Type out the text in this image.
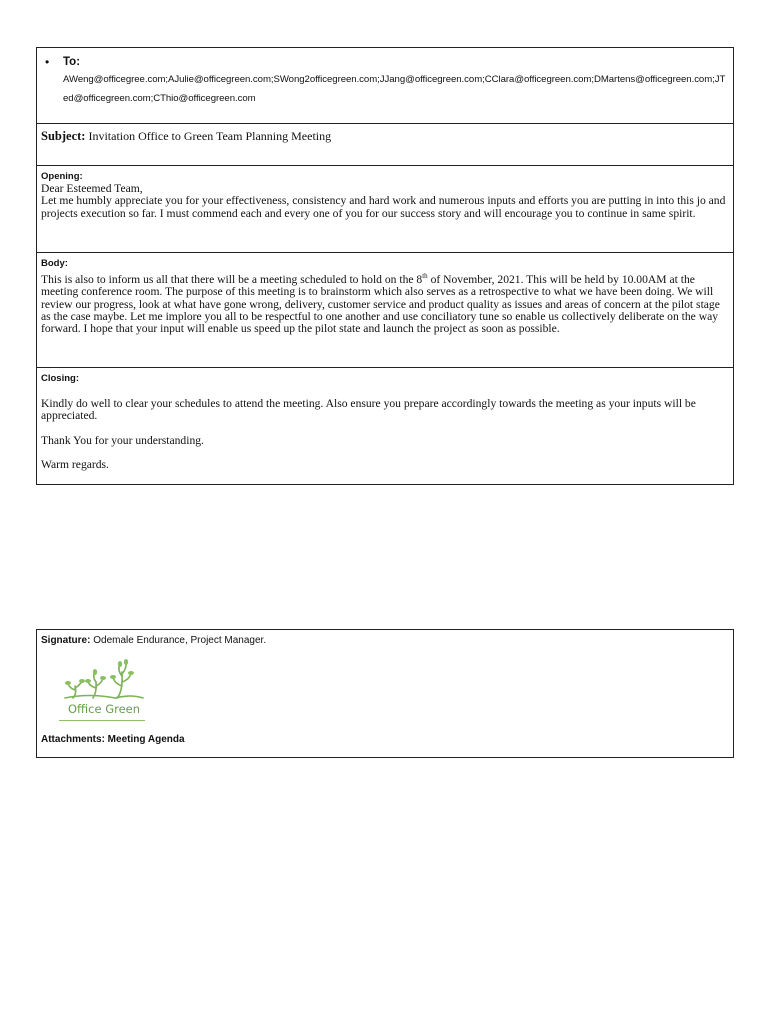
•	To:
AWeng@officegree.com;AJulie@officegreen.com;SWong2officegreen.com;JJang@officegreen.com;CClara@officegreen.com;DMartens@officegreen.com;JTed@officegreen.com;CThio@officegreen.com
Subject: Invitation Office to Green Team Planning Meeting
Opening:

Dear Esteemed Team,

Let me humbly appreciate you for your effectiveness, consistency and hard work and numerous inputs and efforts you are putting in into this jo and projects execution so far. I must commend each and every one of you for our success story and will encourage you to continue in same spirit.

Body:

This is also to inform us all that there will be a meeting scheduled to hold on the 8th of November, 2021. This will be held by 10.00AM at the meeting conference room. The purpose of this meeting is to brainstorm which also serves as a retrospective to what we have been doing. We will review our progress, look at what have gone wrong, delivery, customer service and product quality as issues and areas of concern at the pilot stage as the case maybe. Let me implore you all to be respectful to one another and use conciliatory tune so enable us collectively deliberate on the way forward. I hope that your input will enable us speed up the pilot state and launch the project as soon as possible.

Closing:

Kindly do well to clear your schedules to attend the meeting. Also ensure you prepare accordingly towards the meeting as your inputs will be appreciated.

Thank You for your understanding.

Warm regards.

Signature: Odemale Endurance, Project Manager.
Office Green
Attachments: Meeting Agenda
